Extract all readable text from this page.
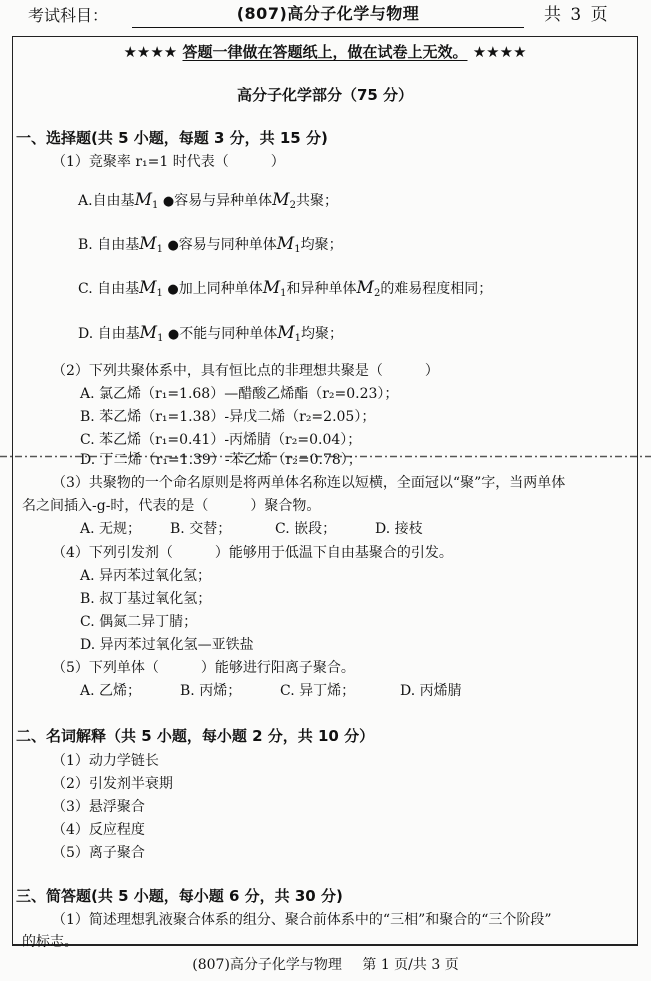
考试科目：	(807)高分子化学与物理	共 3 页
★★★★ 答题一律做在答题纸上，做在试卷上无效。 ★★★★
高分子化学部分（75 分）
一、选择题(共 5 小题，每题 3 分，共 15 分)
（1）竞聚率 r₁=1 时代表（　　　）
A.自由基$M_1$ ●容易与异种单体$M_2$共聚；
B. 自由基$M_1$ ●容易与同种单体$M_1$均聚；
C. 自由基$M_1$ ●加上同种单体$M_1$和异种单体$M_2$的难易程度相同；
D. 自由基$M_1$ ●不能与同种单体$M_1$均聚；
（2）下列共聚体系中，具有恒比点的非理想共聚是（　　　）
A. 氯乙烯（r₁=1.68）—醋酸乙烯酯（r₂=0.23）；
B. 苯乙烯（r₁=1.38）-异戊二烯（r₂=2.05）；
C. 苯乙烯（r₁=0.41）-丙烯腈（r₂=0.04）；
D. 丁二烯（r₁=1.39）-苯乙烯（r₂=0.78）；
（3）共聚物的一个命名原则是将两单体名称连以短横，全面冠以“聚”字，当两单体
名之间插入-g-时，代表的是（　　　）聚合物。
A. 无规； B. 交替；	C. 嵌段；	D. 接枝
（4）下列引发剂（　　　）能够用于低温下自由基聚合的引发。
A. 异丙苯过氧化氢；
B. 叔丁基过氧化氢；
C. 偶氮二异丁腈；
D. 异丙苯过氧化氢—亚铁盐
（5）下列单体（　　　）能够进行阳离子聚合。
A. 乙烯；	B. 丙烯；	C. 异丁烯；	D. 丙烯腈
二、名词解释（共 5 小题，每小题 2 分，共 10 分）
（1）动力学链长
（2）引发剂半衰期
（3）悬浮聚合
（4）反应程度
（5）离子聚合
三、简答题(共 5 小题，每小题 6 分，共 30 分)
（1）简述理想乳液聚合体系的组分、聚合前体系中的“三相”和聚合的“三个阶段”
的标志。
(807)高分子化学与物理 第 1 页/共 3 页
